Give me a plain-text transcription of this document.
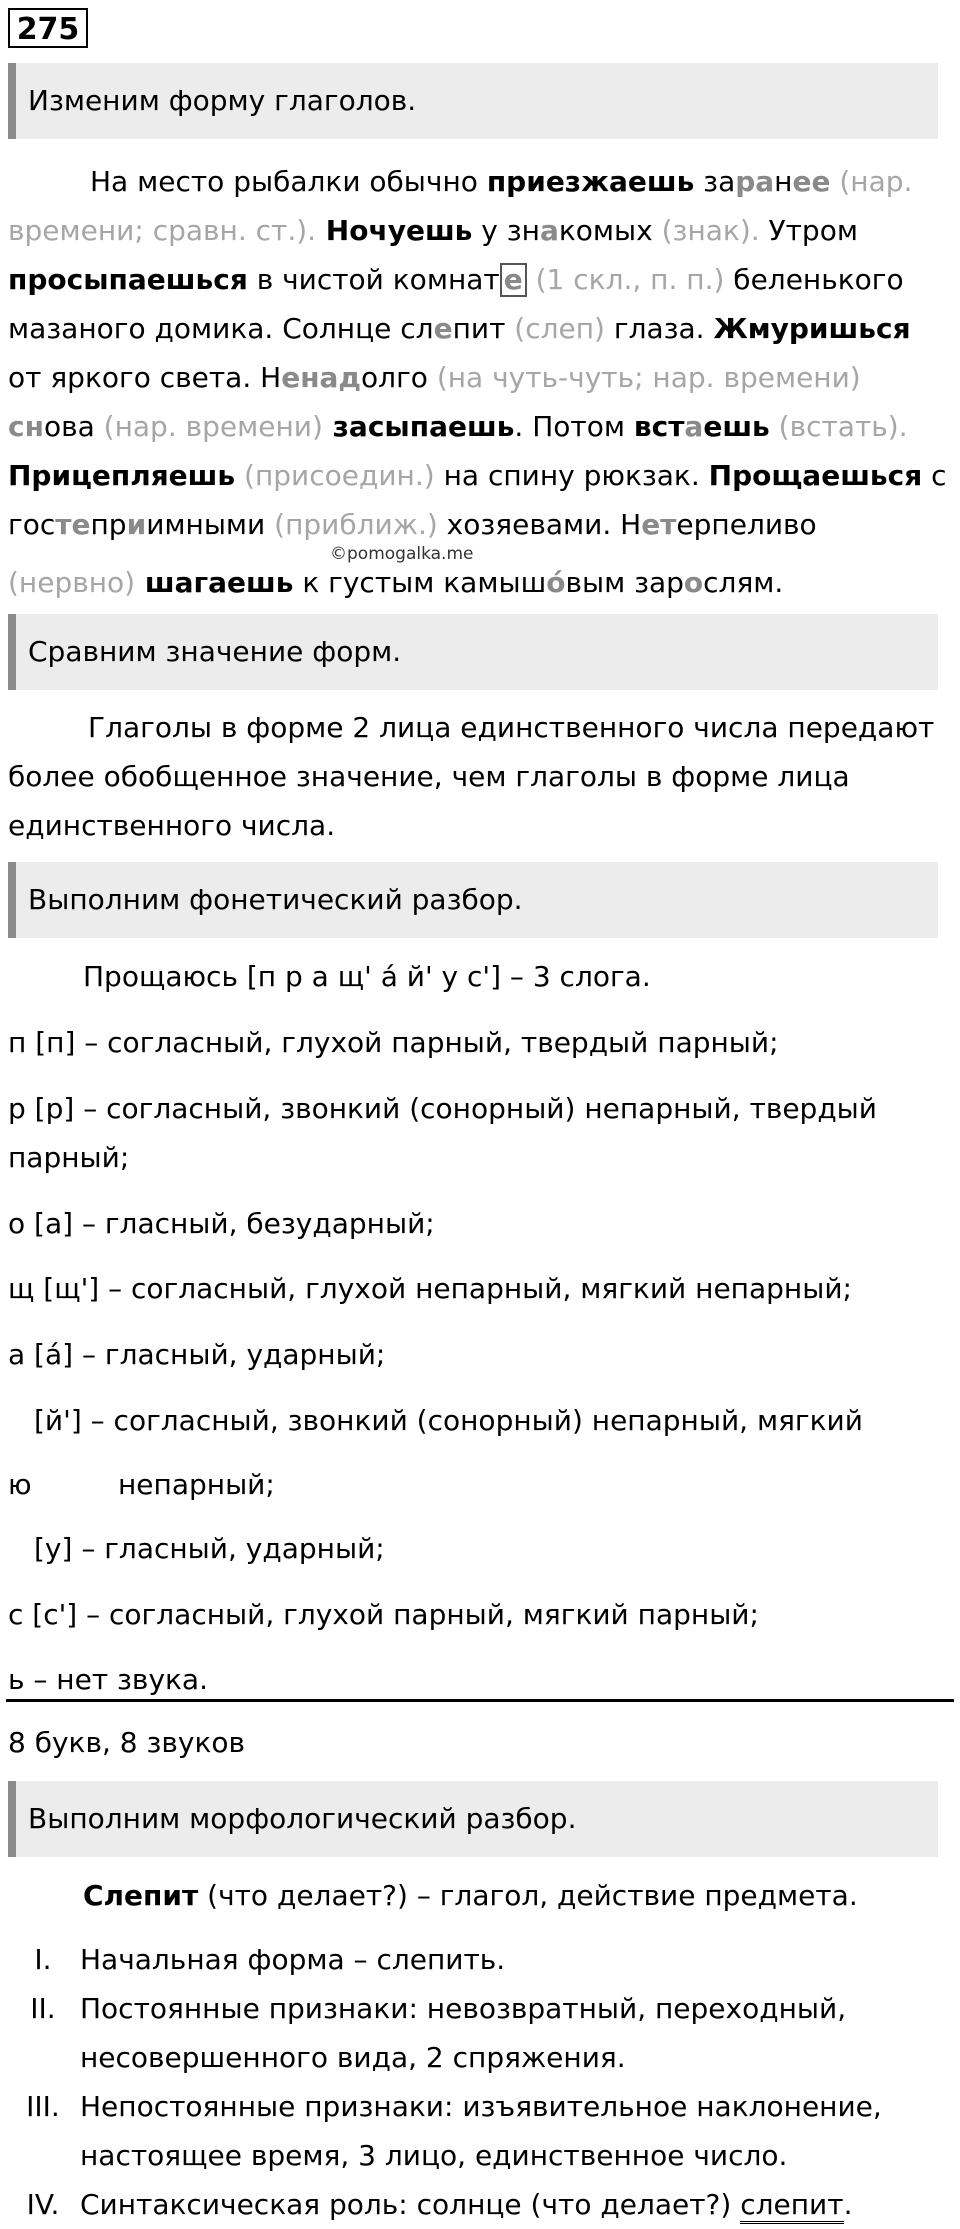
275
Изменим форму глаголов.
На место рыбалки обычно приезжаешь заранее (нар.
времени; сравн. ст.). Ночуешь у знакомых (знак). Утром
просыпаешься в чистой комнат е (1 скл., п. п.) беленького
мазаного домика. Солнце слепит (слеп) глаза. Жмуришься
от яркого света. Ненадолго (на чуть-чуть; нар. времени)
снова (нар. времени) засыпаешь. Потом встаешь (встать).
Прицепляешь (присоедин.) на спину рюкзак. Прощаешься с
гостеприимными (приближ.) хозяевами. Нетерпеливо
©pomogalka.me
(нервно) шагаешь к густым камышóвым зарослям.
Сравним значение форм.

Глаголы в форме 2 лица единственного числа передают более обобщенное значение, чем глаголы в форме лица единственного числа.

Выполним фонетический разбор.
Прощаюсь [п р а щ' á й' у с'] – 3 слога.
п [п] – согласный, глухой парный, твердый парный;
р [р] – согласный, звонкий (сонорный) непарный, твердый
парный;
о [а] – гласный, безударный;
щ [щ'] – согласный, глухой непарный, мягкий непарный;
а [á] – гласный, ударный;
[й'] – согласный, звонкий (сонорный) непарный, мягкий
ю	непарный;
[у] – гласный, ударный;
с [с'] – согласный, глухой парный, мягкий парный;
ь – нет звука.
8 букв, 8 звуков
Выполним морфологический разбор.
Слепит (что делает?) – глагол, действие предмета.
I.	Начальная форма – слепить.
II. Постоянные признаки: невозвратный, переходный, несовершенного вида, 2 спряжения.
III. Непостоянные признаки: изъявительное наклонение, настоящее время, 3 лицо, единственное число.
IV. Синтаксическая роль: солнце (что делает?) слепит.
